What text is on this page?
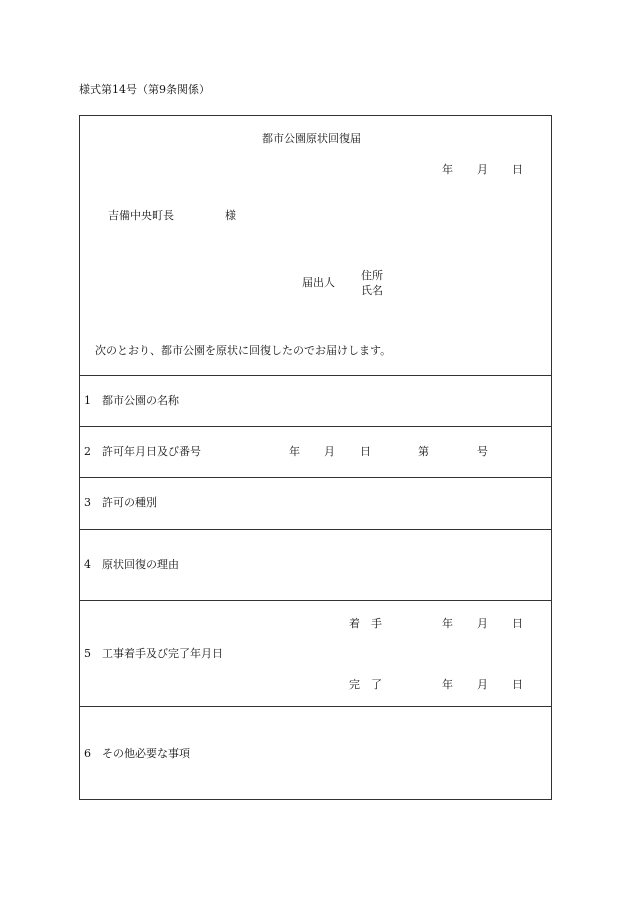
様式第14号（第9条関係）
都市公園原状回復届
年 月 日
吉備中央町長	様
届出人
住所
氏名
次のとおり、都市公園を原状に回復したのでお届けします。
1　都市公園の名称
2　許可年月日及び番号	年 月 日	第	号
3　許可の種別
4　原状回復の理由
着　手	年 月 日
5　工事着手及び完了年月日
完　了	年 月 日
6　その他必要な事項
